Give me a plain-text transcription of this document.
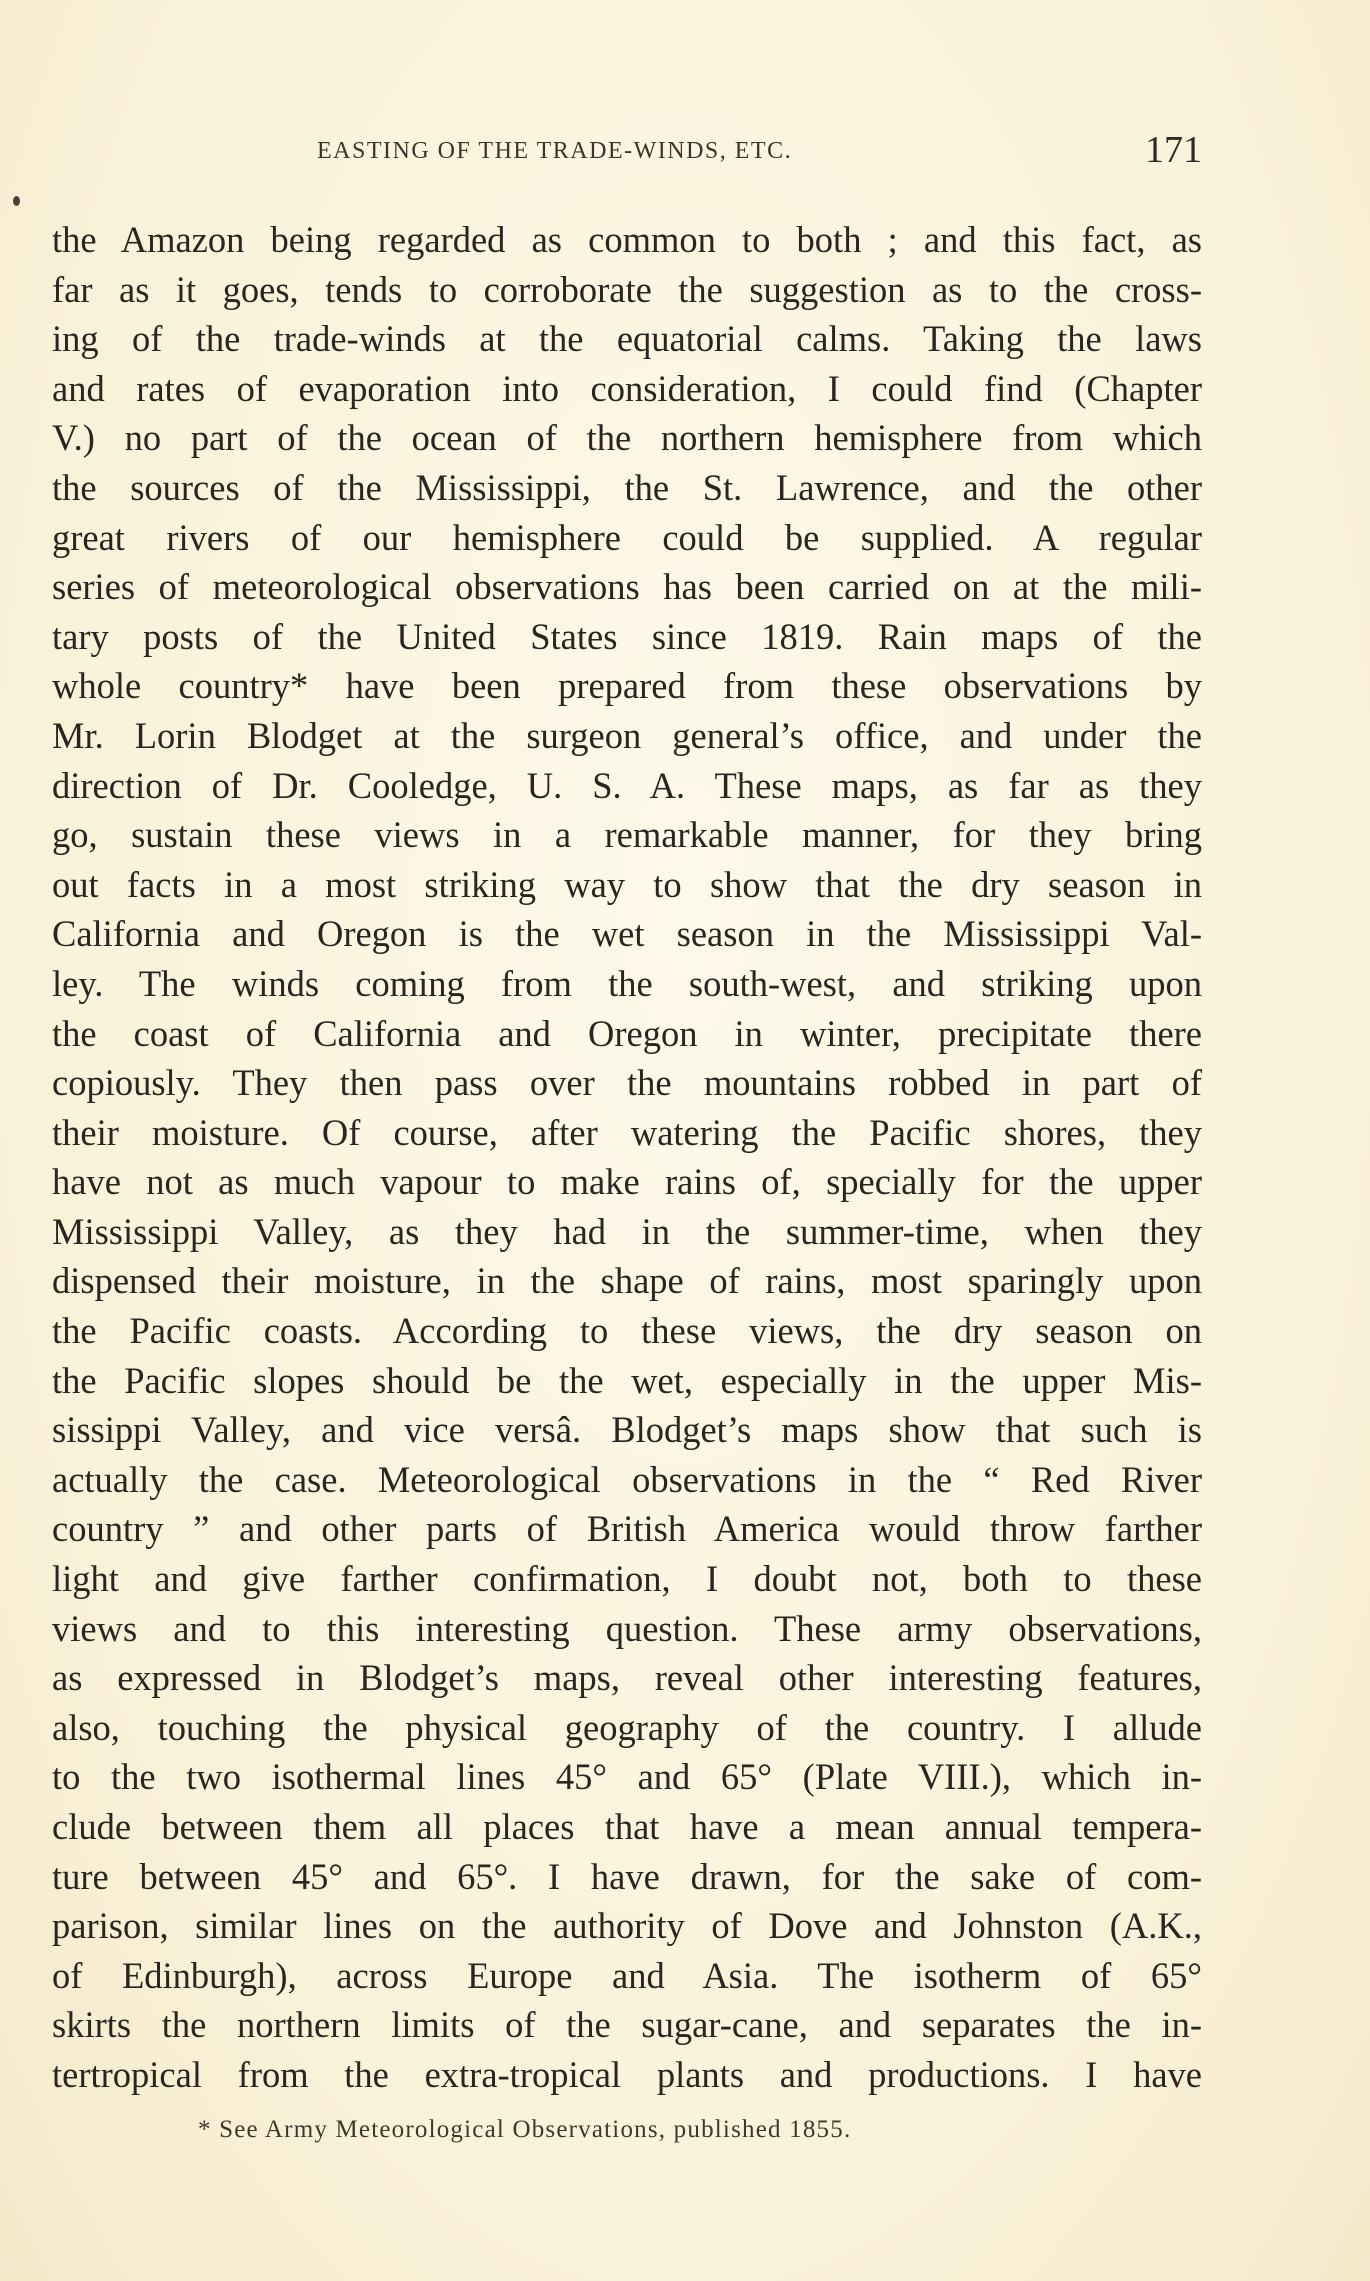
EASTING OF THE TRADE-WINDS, ETC.	171
the Amazon being regarded as common to both ; and this fact, as
far as it goes, tends to corroborate the suggestion as to the cross-
ing of the trade-winds at the equatorial calms. Taking the laws
and rates of evaporation into consideration, I could find (Chapter
V.) no part of the ocean of the northern hemisphere from which
the sources of the Mississippi, the St. Lawrence, and the other
great rivers of our hemisphere could be supplied. A regular
series of meteorological observations has been carried on at the mili-
tary posts of the United States since 1819. Rain maps of the
whole country* have been prepared from these observations by
Mr. Lorin Blodget at the surgeon general’s office, and under the
direction of Dr. Cooledge, U. S. A. These maps, as far as they
go, sustain these views in a remarkable manner, for they bring
out facts in a most striking way to show that the dry season in
California and Oregon is the wet season in the Mississippi Val-
ley. The winds coming from the south-west, and striking upon
the coast of California and Oregon in winter, precipitate there
copiously. They then pass over the mountains robbed in part of
their moisture. Of course, after watering the Pacific shores, they
have not as much vapour to make rains of, specially for the upper
Mississippi Valley, as they had in the summer-time, when they
dispensed their moisture, in the shape of rains, most sparingly upon
the Pacific coasts. According to these views, the dry season on
the Pacific slopes should be the wet, especially in the upper Mis-
sissippi Valley, and vice versâ. Blodget’s maps show that such is
actually the case. Meteorological observations in the “ Red River
country ” and other parts of British America would throw farther
light and give farther confirmation, I doubt not, both to these
views and to this interesting question. These army observations,
as expressed in Blodget’s maps, reveal other interesting features,
also, touching the physical geography of the country. I allude
to the two isothermal lines 45° and 65° (Plate VIII.), which in-
clude between them all places that have a mean annual tempera-
ture between 45° and 65°. I have drawn, for the sake of com-
parison, similar lines on the authority of Dove and Johnston (A.K.,
of Edinburgh), across Europe and Asia. The isotherm of 65°
skirts the northern limits of the sugar-cane, and separates the in-
tertropical from the extra-tropical plants and productions. I have
* See Army Meteorological Observations, published 1855.
